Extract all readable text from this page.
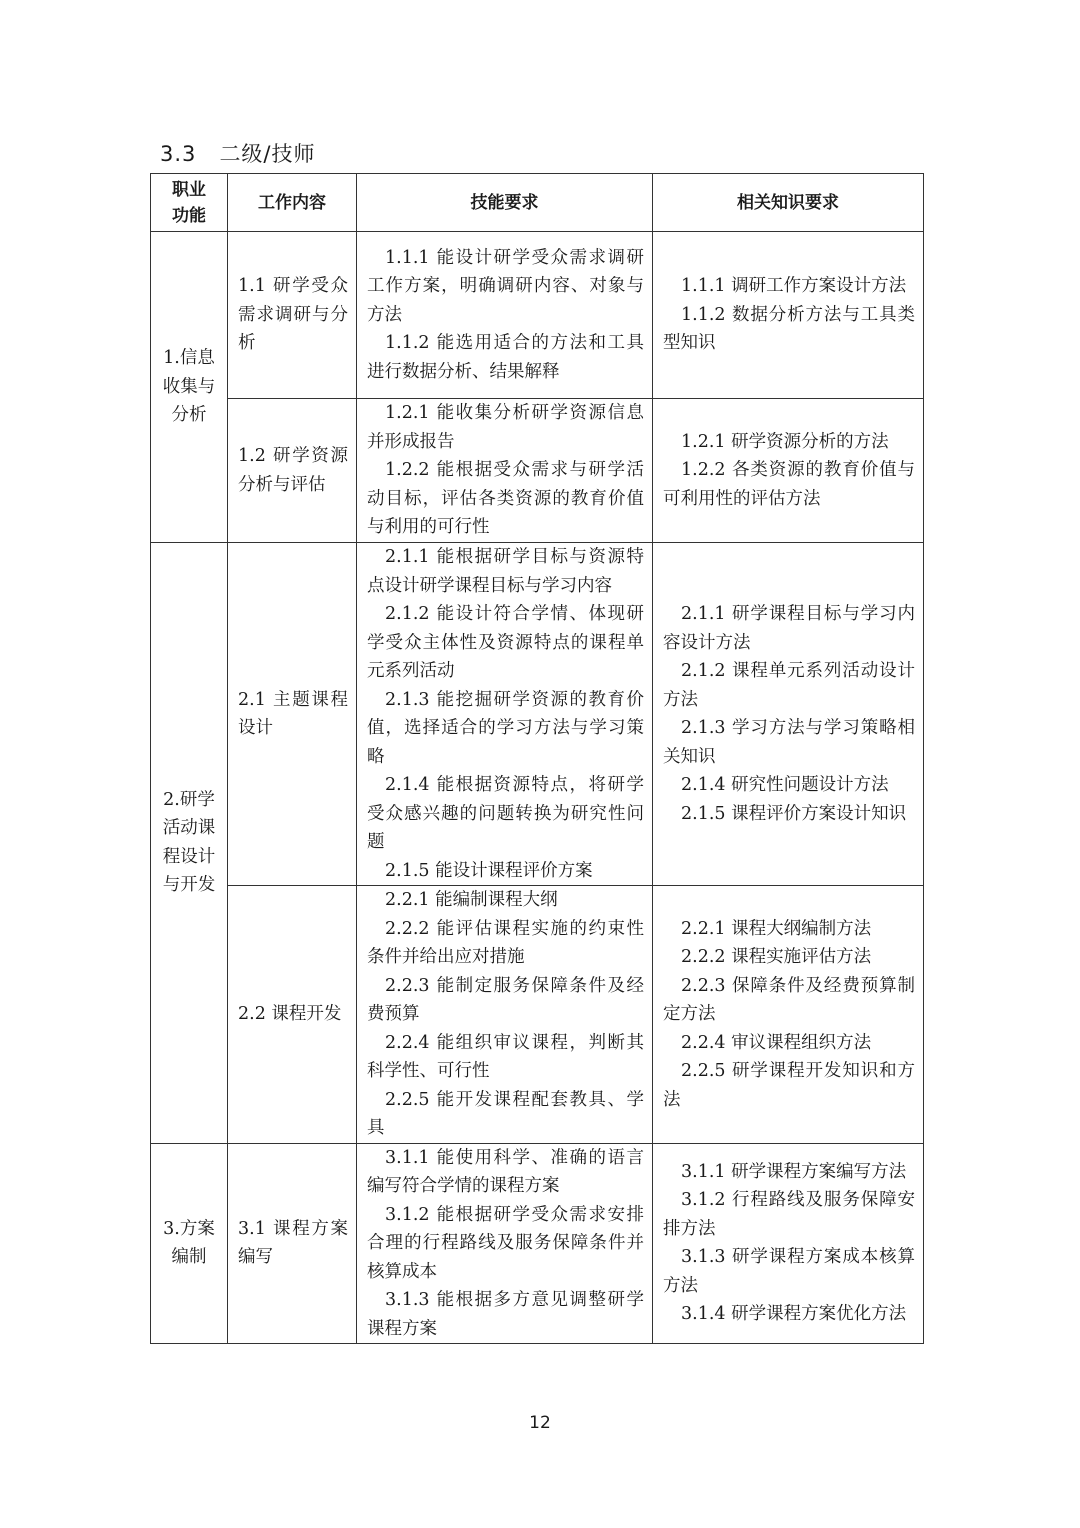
3.3 二级/技师
职业
功能	工作内容	技能要求	相关知识要求
1.信息收集与分析	1.1 研学受众需求调研与分析	1.1.1 能设计研学受众需求调研工作方案，明确调研内容、对象与方法
1.1.2 能选用适合的方法和工具进行数据分析、结果解释	1.1.1 调研工作方案设计方法
1.1.2 数据分析方法与工具类型知识

	1.2 研学资源分析与评估	1.2.1 能收集分析研学资源信息并形成报告
1.2.2 能根据受众需求与研学活动目标，评估各类资源的教育价值与利用的可行性	1.2.1 研学资源分析的方法
1.2.2 各类资源的教育价值与可利用性的评估方法

2.研学活动课程设计与开发	2.1 主题课程设计	2.1.1 能根据研学目标与资源特点设计研学课程目标与学习内容
2.1.2 能设计符合学情、体现研学受众主体性及资源特点的课程单元系列活动
2.1.3 能挖掘研学资源的教育价值，选择适合的学习方法与学习策略
2.1.4 能根据资源特点，将研学受众感兴趣的问题转换为研究性问题
2.1.5 能设计课程评价方案	2.1.1 研学课程目标与学习内容设计方法
2.1.2 课程单元系列活动设计方法
2.1.3 学习方法与学习策略相关知识
2.1.4 研究性问题设计方法
2.1.5 课程评价方案设计知识

	2.2 课程开发	2.2.1 能编制课程大纲
2.2.2 能评估课程实施的约束性条件并给出应对措施
2.2.3 能制定服务保障条件及经费预算
2.2.4 能组织审议课程，判断其科学性、可行性
2.2.5 能开发课程配套教具、学具	2.2.1 课程大纲编制方法
2.2.2 课程实施评估方法
2.2.3 保障条件及经费预算制定方法
2.2.4 审议课程组织方法
2.2.5 研学课程开发知识和方法

3.方案编制	3.1 课程方案编写	3.1.1 能使用科学、准确的语言编写符合学情的课程方案
3.1.2 能根据研学受众需求安排合理的行程路线及服务保障条件并核算成本
3.1.3 能根据多方意见调整研学课程方案	3.1.1 研学课程方案编写方法
3.1.2 行程路线及服务保障安排方法
3.1.3 研学课程方案成本核算方法
3.1.4 研学课程方案优化方法
12
